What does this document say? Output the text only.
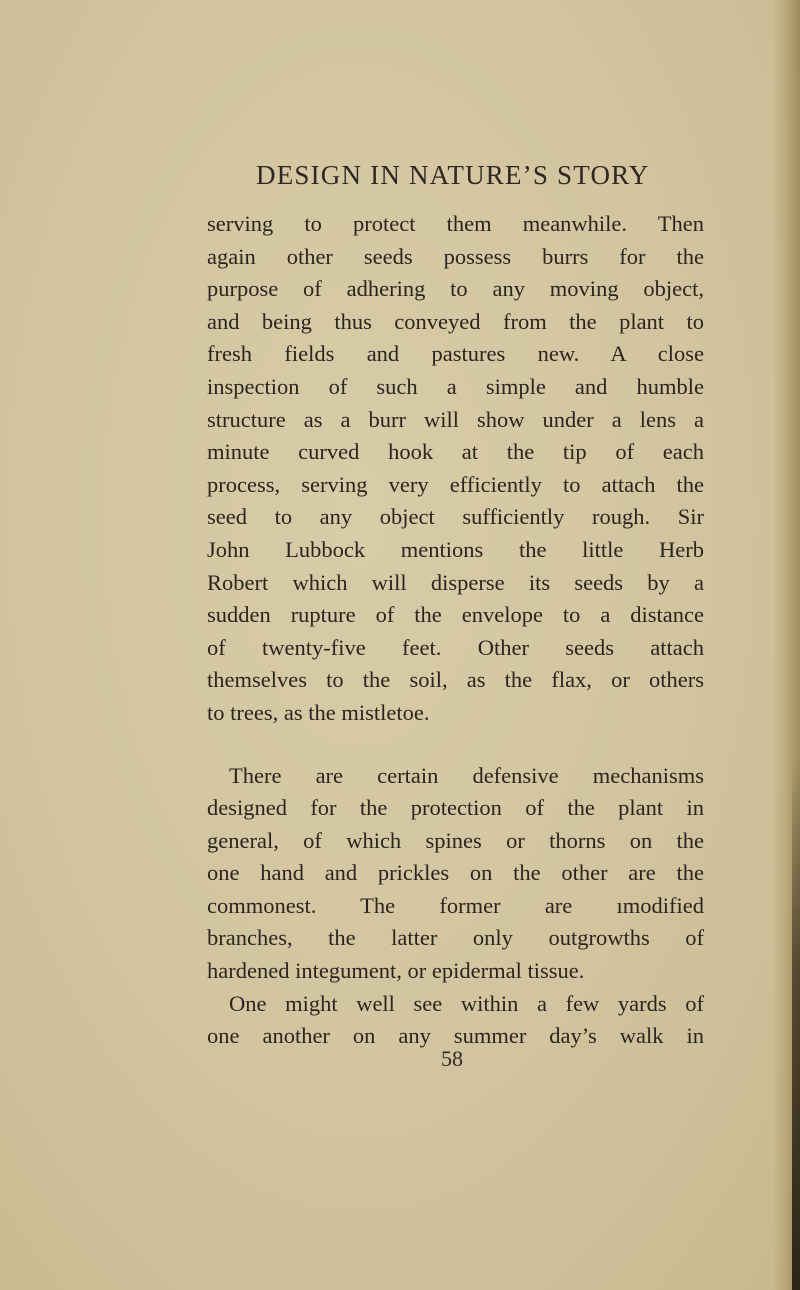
DESIGN IN NATURE’S STORY
serving to protect them meanwhile. Then
again other seeds possess burrs for the
purpose of adhering to any moving object,
and being thus conveyed from the plant to
fresh fields and pastures new. A close
inspection of such a simple and humble
structure as a burr will show under a lens a
minute curved hook at the tip of each
process, serving very efficiently to attach the
seed to any object sufficiently rough. Sir
John Lubbock mentions the little Herb
Robert which will disperse its seeds by a
sudden rupture of the envelope to a distance
of twenty-five feet. Other seeds attach
themselves to the soil, as the flax, or others
to trees, as the mistletoe.
There are certain defensive mechanisms
designed for the protection of the plant in
general, of which spines or thorns on the
one hand and prickles on the other are the
commonest. The former are ımodified
branches, the latter only outgrowths of
hardened integument, or epidermal tissue.
One might well see within a few yards of
one another on any summer day’s walk in
58
